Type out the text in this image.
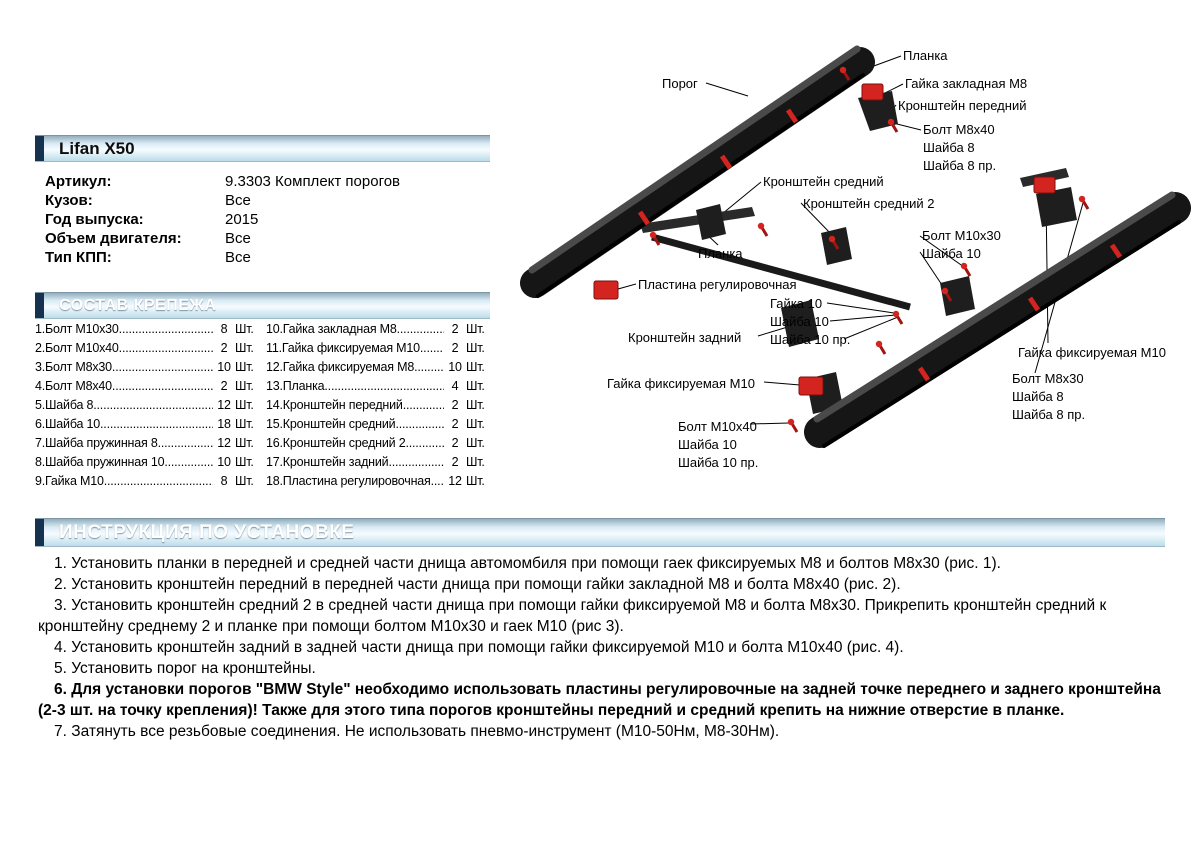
Lifan X50
Артикул:	9.3303 Комплект порогов
Кузов:	Все
Год выпуска:	2015
Объем двигателя:	Все
Тип КПП:	Все
СОСТАВ КРЕПЕЖА
1.Болт М10х30 .....	8 Шт.
2.Болт М10х40 .....	2 Шт.
3.Болт М8х30 .....	10 Шт.
4.Болт М8х40 .....	2 Шт.
5.Шайба 8 .....	12 Шт.
6.Шайба 10 .....	18 Шт.
7.Шайба пружинная 8 .....	12 Шт.
8.Шайба пружинная 10 .....	10 Шт.
9.Гайка М10 .....	8 Шт.
10.Гайка закладная М8 .....	2 Шт.
11.Гайка фиксируемая М10 .....	2 Шт.
12.Гайка фиксируемая М8 .....	10 Шт.
13.Планка .....	4 Шт.
14.Кронштейн передний .....	2 Шт.
15.Кронштейн средний .....	2 Шт.
16.Кронштейн средний 2 .....	2 Шт.
17.Кронштейн задний .....	2 Шт.
18.Пластина регулировочная. .....	12 Шт.
Порог
Планка
Гайка закладная М8
Кронштейн передний
Болт М8х40
Шайба 8
Шайба 8 пр.
Кронштейн средний
Кронштейн средний 2
Планка
Болт М10х30
Шайба 10
Пластина регулировочная
Гайка 10
Шайба 10
Шайба 10 пр.
Кронштейн задний
Гайка фиксируемая М10
Болт М8х30
Шайба 8
Шайба 8 пр.
Гайка фиксируемая М10
Болт М10х40
Шайба 10
Шайба 10 пр.
ИНСТРУКЦИЯ ПО УСТАНОВКЕ

1. Установить планки в передней и средней части днища автомомбиля при помощи гаек фиксируемых М8 и болтов М8х30 (рис. 1).

2. Установить кронштейн передний в передней части днища при помощи гайки закладной М8 и болта М8х40 (рис. 2).

3. Установить кронштейн средний 2 в средней части днища при помощи гайки фиксируемой М8 и болта М8х30. Прикрепить кронштейн средний к кронштейну среднему 2 и планке при помощи болтом М10х30 и гаек М10 (рис 3).

4. Установить кронштейн задний в задней части днища при помощи гайки фиксируемой М10 и болта М10х40 (рис. 4).

5. Установить порог на кронштейны.

6. Для установки порогов "BMW Style" необходимо использовать пластины регулировочные на задней точке переднего и заднего кронштейна (2-3 шт. на точку крепления)! Также для этого типа порогов кронштейны передний и средний крепить на нижние отверстие в планке.

7. Затянуть все резьбовые соединения. Не использовать пневмо-инструмент (М10-50Нм, М8-30Нм).
